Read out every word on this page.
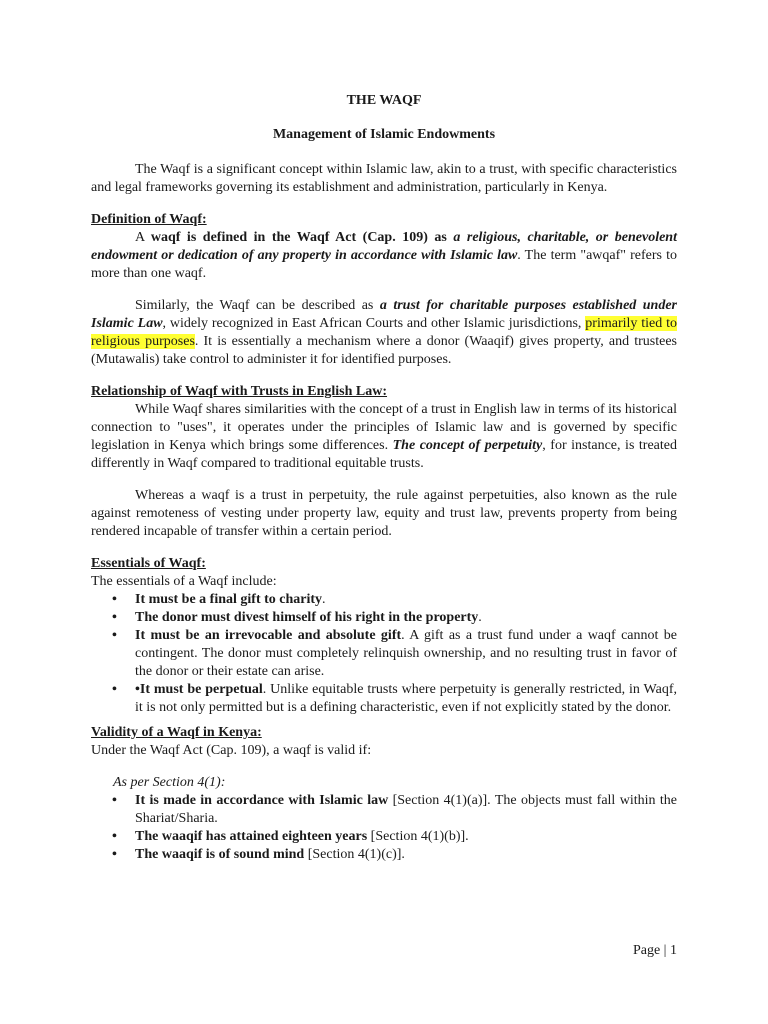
THE WAQF

Management of Islamic Endowments

The Waqf is a significant concept within Islamic law, akin to a trust, with specific characteristics and legal frameworks governing its establishment and administration, particularly in Kenya.

Definition of Waqf:

A waqf is defined in the Waqf Act (Cap. 109) as a religious, charitable, or benevolent endowment or dedication of any property in accordance with Islamic law. The term "awqaf" refers to more than one waqf.

Similarly, the Waqf can be described as a trust for charitable purposes established under Islamic Law, widely recognized in East African Courts and other Islamic jurisdictions, primarily tied to religious purposes. It is essentially a mechanism where a donor (Waaqif) gives property, and trustees (Mutawalis) take control to administer it for identified purposes.

Relationship of Waqf with Trusts in English Law:

While Waqf shares similarities with the concept of a trust in English law in terms of its historical connection to "uses", it operates under the principles of Islamic law and is governed by specific legislation in Kenya which brings some differences. The concept of perpetuity, for instance, is treated differently in Waqf compared to traditional equitable trusts.

Whereas a waqf is a trust in perpetuity, the rule against perpetuities, also known as the rule against remoteness of vesting under property law, equity and trust law, prevents property from being rendered incapable of transfer within a certain period.

Essentials of Waqf:

The essentials of a Waqf include:

• It must be a final gift to charity.
• The donor must divest himself of his right in the property.
• It must be an irrevocable and absolute gift. A gift as a trust fund under a waqf cannot be contingent. The donor must completely relinquish ownership, and no resulting trust in favor of the donor or their estate can arise.
• •It must be perpetual. Unlike equitable trusts where perpetuity is generally restricted, in Waqf, it is not only permitted but is a defining characteristic, even if not explicitly stated by the donor.

Validity of a Waqf in Kenya:

Under the Waqf Act (Cap. 109), a waqf is valid if:

As per Section 4(1):

• It is made in accordance with Islamic law [Section 4(1)(a)]. The objects must fall within the Shariat/Sharia.
• The waaqif has attained eighteen years [Section 4(1)(b)].
• The waaqif is of sound mind [Section 4(1)(c)].
Page | 1
